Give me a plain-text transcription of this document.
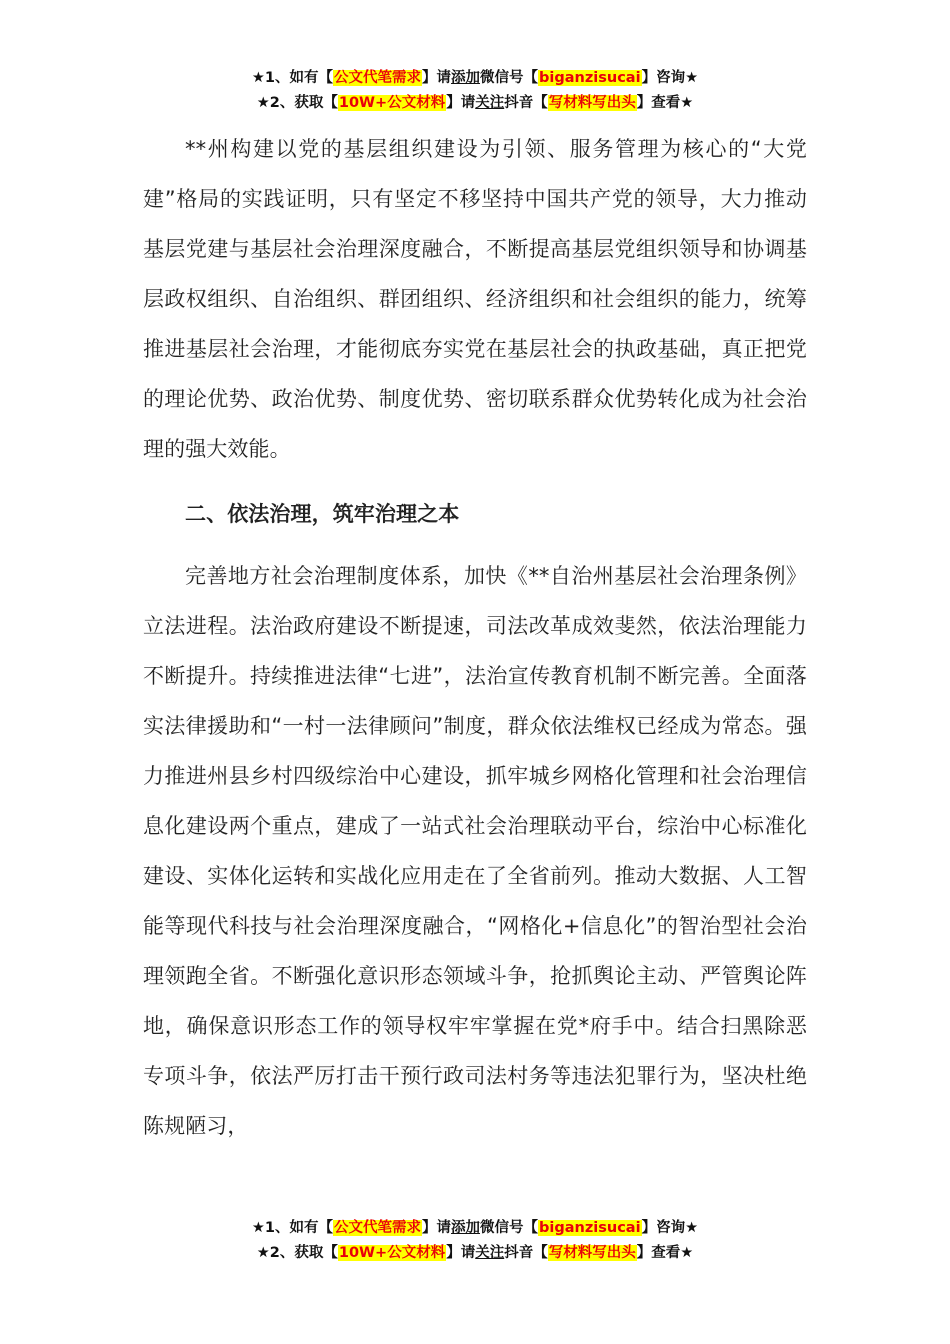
★1、如有【公文代笔需求】请添加微信号【biganzisucai】咨询★
★2、获取【10W+公文材料】请关注抖音【写材料写出头】查看★

**州构建以党的基层组织建设为引领、服务管理为核心的“大党建”格局的实践证明，只有坚定不移坚持中国共产党的领导，大力推动基层党建与基层社会治理深度融合，不断提高基层党组织领导和协调基层政权组织、自治组织、群团组织、经济组织和社会组织的能力，统筹推进基层社会治理，才能彻底夯实党在基层社会的执政基础，真正把党的理论优势、政治优势、制度优势、密切联系群众优势转化成为社会治理的强大效能。

二、依法治理，筑牢治理之本

完善地方社会治理制度体系，加快《**自治州基层社会治理条例》立法进程。法治政府建设不断提速，司法改革成效斐然，依法治理能力不断提升。持续推进法律“七进”，法治宣传教育机制不断完善。全面落实法律援助和“一村一法律顾问”制度，群众依法维权已经成为常态。强力推进州县乡村四级综治中心建设，抓牢城乡网格化管理和社会治理信息化建设两个重点，建成了一站式社会治理联动平台，综治中心标准化建设、实体化运转和实战化应用走在了全省前列。推动大数据、人工智能等现代科技与社会治理深度融合，“网格化+信息化”的智治型社会治理领跑全省。不断强化意识形态领域斗争，抢抓舆论主动、严管舆论阵地，确保意识形态工作的领导权牢牢掌握在党*府手中。结合扫黑除恶专项斗争，依法严厉打击干预行政司法村务等违法犯罪行为，坚决杜绝陈规陋习，

★1、如有【公文代笔需求】请添加微信号【biganzisucai】咨询★
★2、获取【10W+公文材料】请关注抖音【写材料写出头】查看★
